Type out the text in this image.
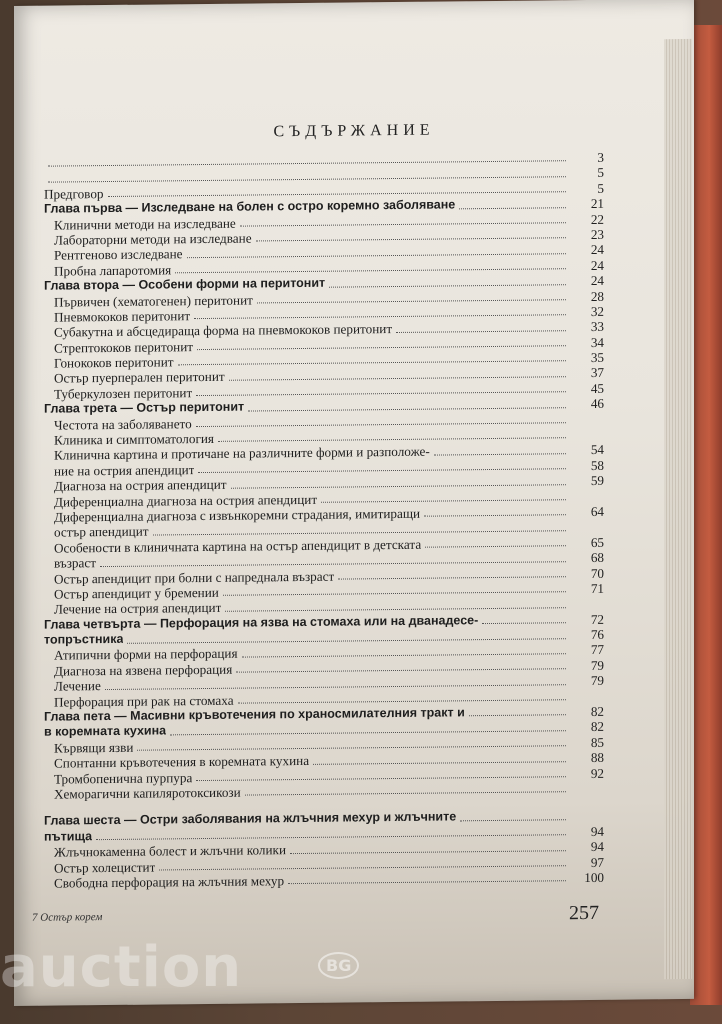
СЪДЪРЖАНИЕ
3
5
Предговор	5
Глава първа — Изследване на болен с остро коремно заболяване	21
Клинични методи на изследване	22
Лабораторни методи на изследване	23
Рентгеново изследване	24
Пробна лапаротомия	24
Глава втора — Особени форми на перитонит	24
Първичен (хематогенен) перитонит	28
Пневмококов перитонит	32
Субакутна и абсцедираща форма на пневмококов перитонит	33
Стрептококов перитонит	34
Гонококов перитонит	35
Остър пуерперален перитонит	37
Туберкулозен перитонит	45
Глава трета — Остър перитонит	46
Честота на заболяването
Клиника и симптоматология
Клинична картина и протичане на различните форми и разположе-	54
ние на острия апендицит	58
Диагноза на острия апендицит	59
Диференциална диагноза на острия апендицит
Диференциална диагноза с извънкоремни страдания, имитиращи	64
остър апендицит
Особености в клиничната картина на остър апендицит в детската	65
възраст	68
Остър апендицит при болни с напреднала възраст	70
Остър апендицит у бремении	71
Лечение на острия апендицит
Глава четвърта — Перфорация на язва на стомаха или на дванадесе-	72
топръстника	76
Атипични форми на перфорация	77
Диагноза на язвена перфорация	79
Лечение	79
Перфорация при рак на стомаха
Глава пета — Масивни кръвотечения по храносмилателния тракт и	82
в коремната кухина	82
Кървящи язви	85
Спонтанни кръвотечения в коремната кухина	88
Тромбопенична пурпура	92
Хеморагични капиляротоксикози
Глава шеста — Остри заболявания на жлъчния мехур и жлъчните
пътища	94
Жлъчнокаменна болест и жлъчни колики	94
Остър холецистит	97
Свободна перфорация на жлъчния мехур	100
7 Остър корем	257
auction	BG
